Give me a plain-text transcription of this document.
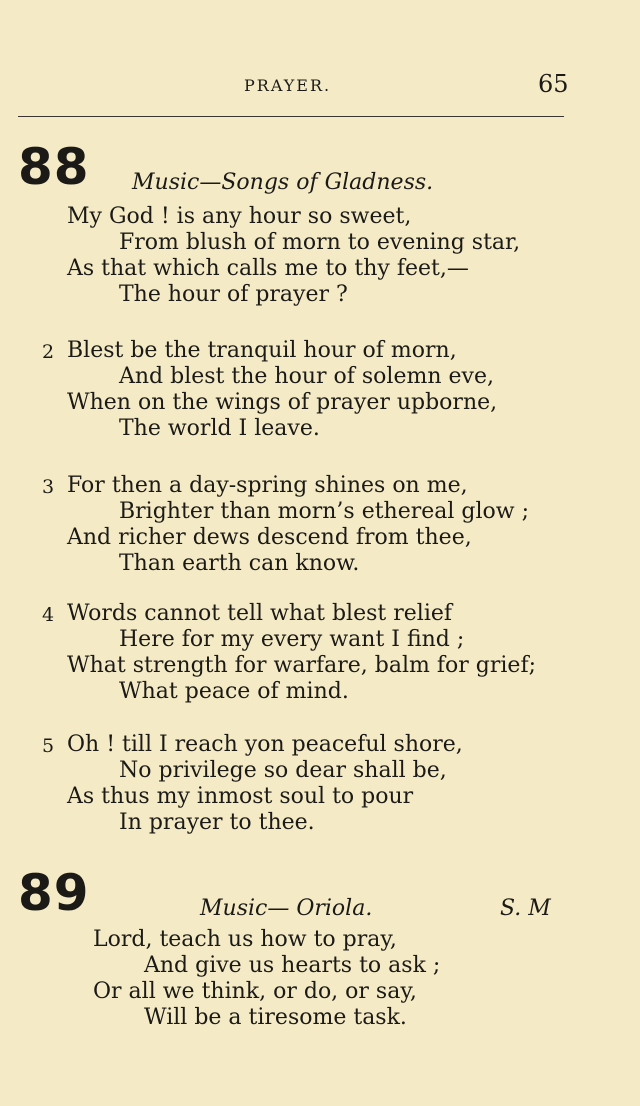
PRAYER.	65
88 Music—Songs of Gladness.
My God ! is any hour so sweet,
From blush of morn to evening star,
As that which calls me to thy feet,—
The hour of prayer ?
2 Blest be the tranquil hour of morn,
And blest the hour of solemn eve,
When on the wings of prayer upborne,
The world I leave.
3 For then a day-spring shines on me,
Brighter than morn’s ethereal glow ;
And richer dews descend from thee,
Than earth can know.
4 Words cannot tell what blest relief
Here for my every want I find ;
What strength for warfare, balm for grief;
What peace of mind.
5 Oh ! till I reach yon peaceful shore,
No privilege so dear shall be,
As thus my inmost soul to pour
In prayer to thee.
89	Music— Oriola.	S. M
Lord, teach us how to pray,
And give us hearts to ask ;
Or all we think, or do, or say,
Will be a tiresome task.
